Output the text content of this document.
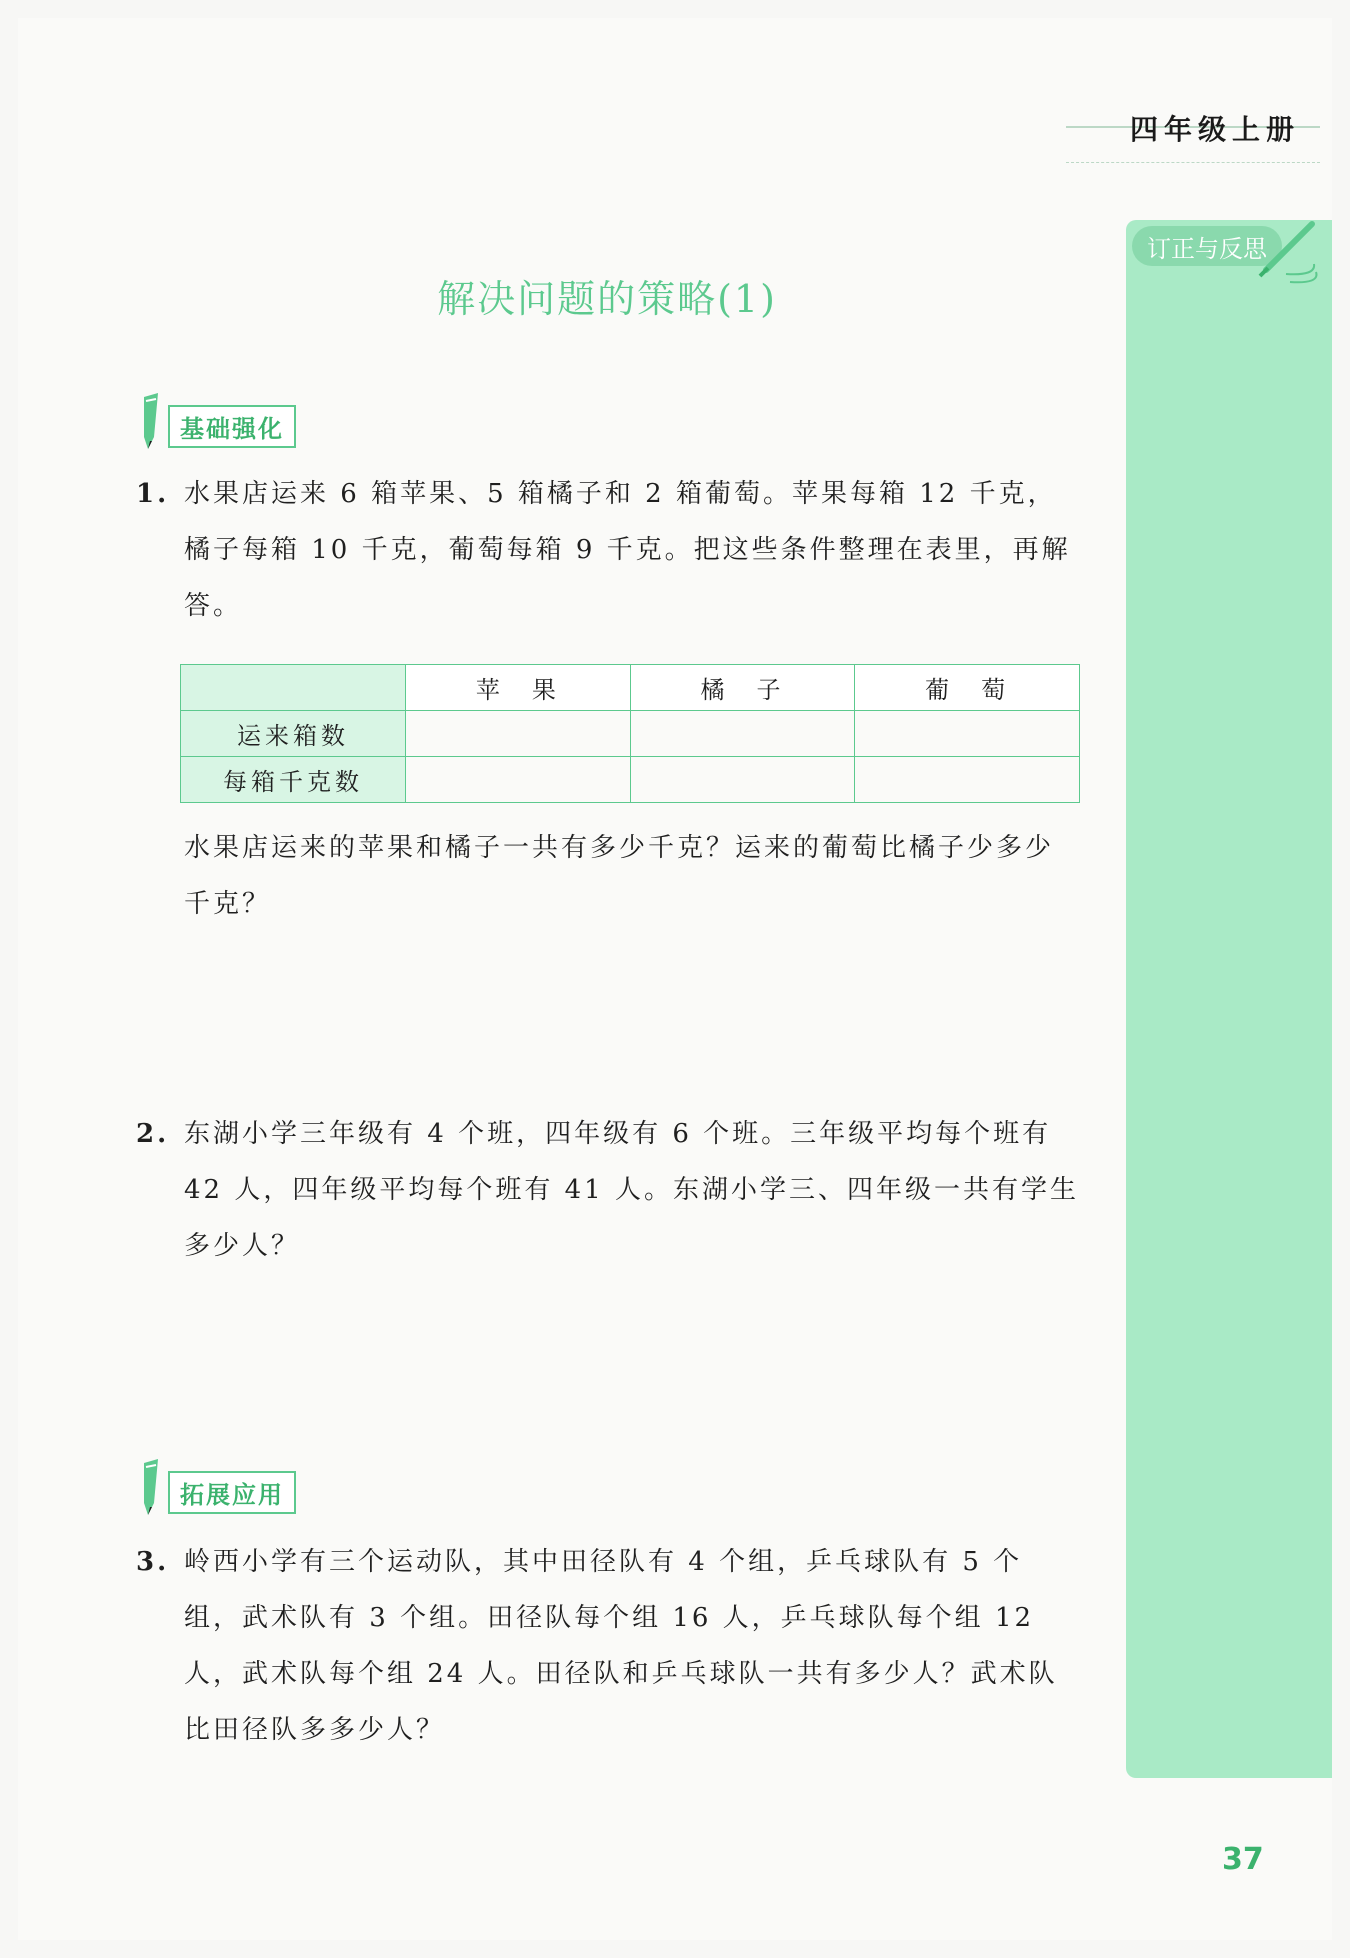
四年级上册
订正与反思
解决问题的策略(1)
基础强化
1. 水果店运来 6 箱苹果、5 箱橘子和 2 箱葡萄。苹果每箱 12 千克，橘子每箱 10 千克，葡萄每箱 9 千克。把这些条件整理在表里，再解答。
	苹　果	橘　子	葡　萄
运来箱数			
每箱千克数			
水果店运来的苹果和橘子一共有多少千克？运来的葡萄比橘子少多少千克？
2. 东湖小学三年级有 4 个班，四年级有 6 个班。三年级平均每个班有 42 人，四年级平均每个班有 41 人。东湖小学三、四年级一共有学生多少人？
拓展应用
3. 岭西小学有三个运动队，其中田径队有 4 个组，乒乓球队有 5 个组，武术队有 3 个组。田径队每个组 16 人，乒乓球队每个组 12 人，武术队每个组 24 人。田径队和乒乓球队一共有多少人？武术队比田径队多多少人？
37
